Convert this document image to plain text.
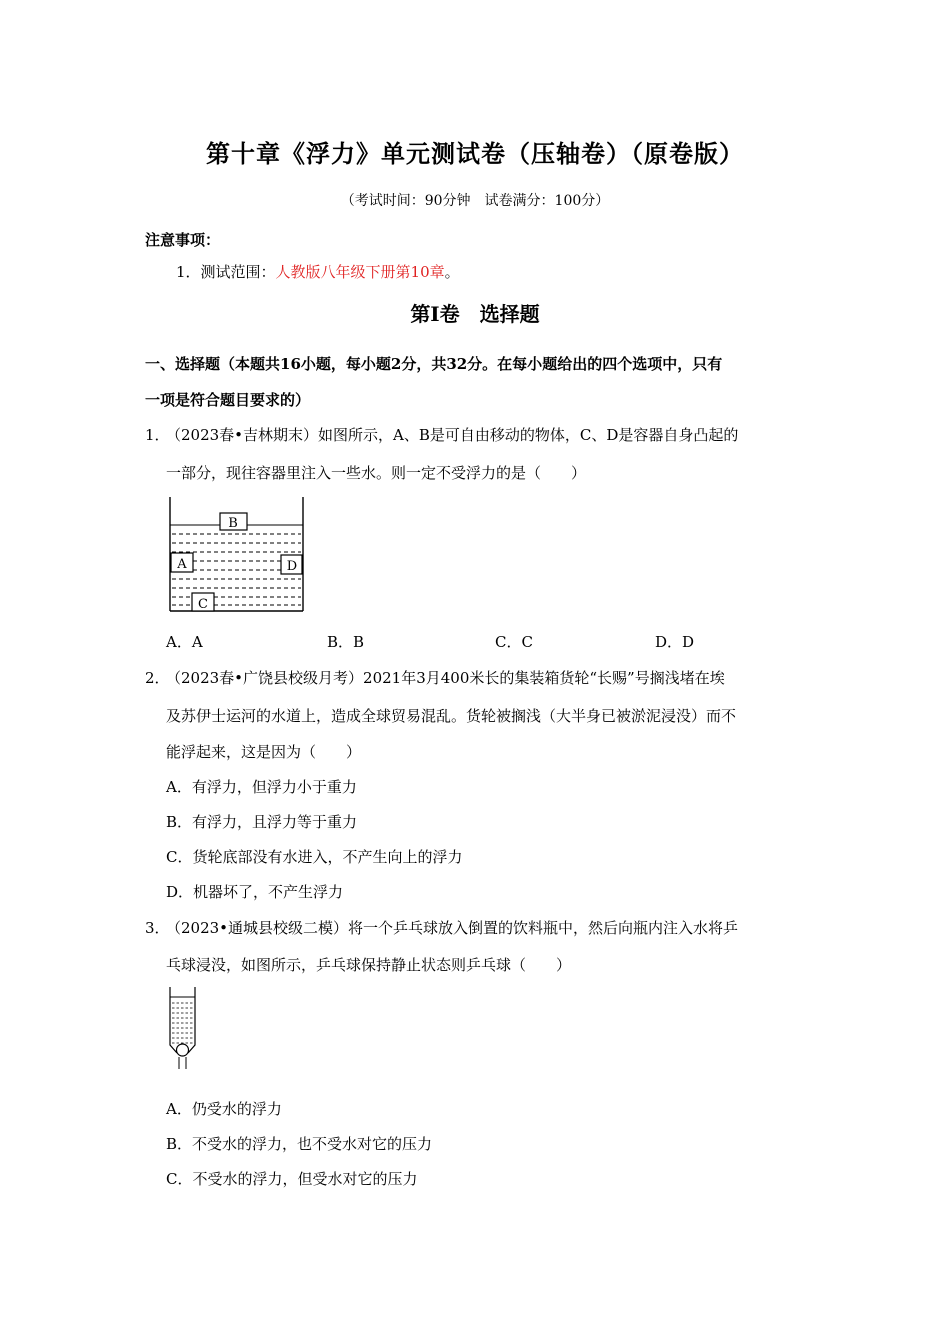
第十章《浮力》单元测试卷（压轴卷）（原卷版）
（考试时间：90分钟　试卷满分：100分）
注意事项：
1．测试范围：人教版八年级下册第10章。
第Ⅰ卷　选择题
一、选择题（本题共16小题，每小题2分，共32分。在每小题给出的四个选项中，只有
一项是符合题目要求的）
1．（2023春•吉林期末）如图所示，A、B是可自由移动的物体，C、D是容器自身凸起的
一部分，现往容器里注入一些水。则一定不受浮力的是（　　）
B
A	D
C
A．A	B．B	C．C	D．D
2．（2023春•广饶县校级月考）2021年3月400米长的集装箱货轮“长赐”号搁浅堵在埃
及苏伊士运河的水道上，造成全球贸易混乱。货轮被搁浅（大半身已被淤泥浸没）而不
能浮起来，这是因为（　　）
A．有浮力，但浮力小于重力
B．有浮力，且浮力等于重力
C．货轮底部没有水进入，不产生向上的浮力
D．机器坏了，不产生浮力
3．（2023•通城县校级二模）将一个乒乓球放入倒置的饮料瓶中，然后向瓶内注入水将乒
乓球浸没，如图所示，乒乓球保持静止状态则乒乓球（　　）
A．仍受水的浮力
B．不受水的浮力，也不受水对它的压力
C．不受水的浮力，但受水对它的压力
